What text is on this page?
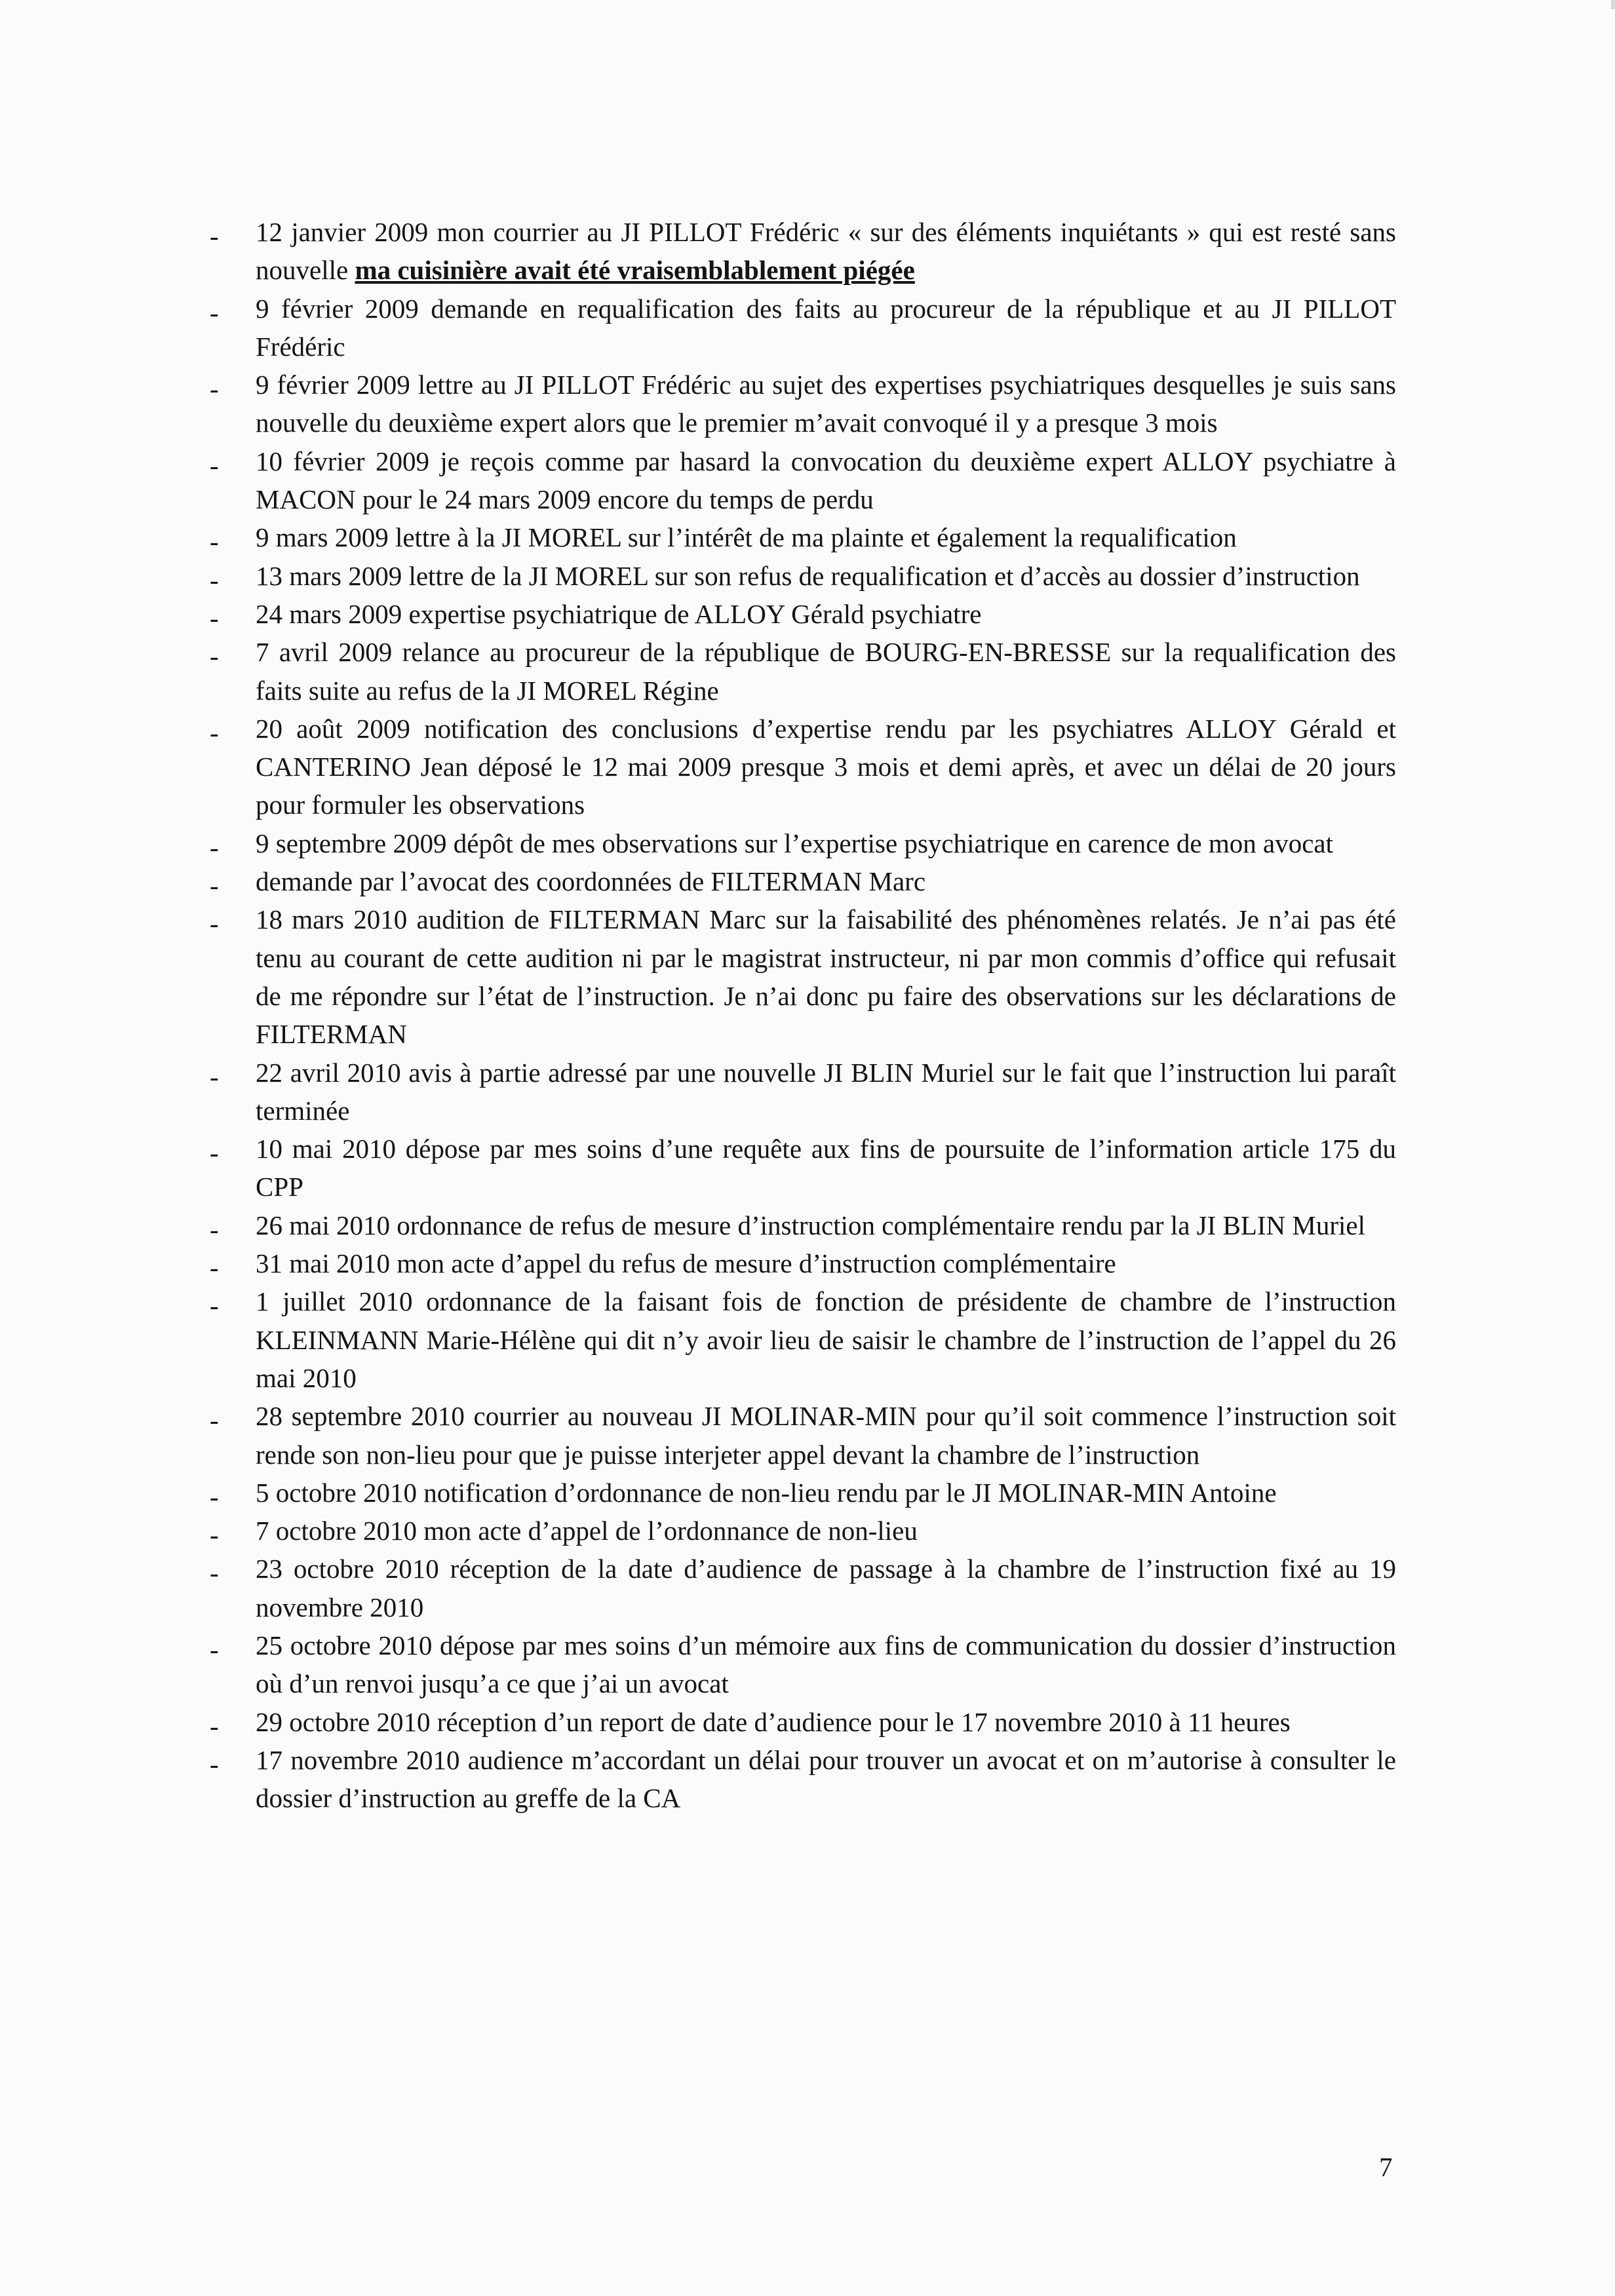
- 12 janvier 2009 mon courrier au JI PILLOT Frédéric « sur des éléments inquiétants » qui est resté sans nouvelle ma cuisinière avait été vraisemblablement piégée
- 9 février 2009 demande en requalification des faits au procureur de la république et au JI PILLOT Frédéric
- 9 février 2009 lettre au JI PILLOT Frédéric au sujet des expertises psychiatriques desquelles je suis sans nouvelle du deuxième expert alors que le premier m’avait convoqué il y a presque 3 mois
- 10 février 2009 je reçois comme par hasard la convocation du deuxième expert ALLOY psychiatre à MACON pour le 24 mars 2009 encore du temps de perdu
- 9 mars 2009 lettre à la JI MOREL sur l’intérêt de ma plainte et également la requalification
- 13 mars 2009 lettre de la JI MOREL sur son refus de requalification et d’accès au dossier d’instruction
- 24 mars 2009 expertise psychiatrique de ALLOY Gérald psychiatre
- 7 avril 2009 relance au procureur de la république de BOURG-EN-BRESSE sur la requalification des faits suite au refus de la JI MOREL Régine
- 20 août 2009 notification des conclusions d’expertise rendu par les psychiatres ALLOY Gérald et CANTERINO Jean déposé le 12 mai 2009 presque 3 mois et demi après, et avec un délai de 20 jours pour formuler les observations
- 9 septembre 2009 dépôt de mes observations sur l’expertise psychiatrique en carence de mon avocat
- demande par l’avocat des coordonnées de FILTERMAN Marc
- 18 mars 2010 audition de FILTERMAN Marc sur la faisabilité des phénomènes relatés. Je n’ai pas été tenu au courant de cette audition ni par le magistrat instructeur, ni par mon commis d’office qui refusait de me répondre sur l’état de l’instruction. Je n’ai donc pu faire des observations sur les déclarations de FILTERMAN
- 22 avril 2010 avis à partie adressé par une nouvelle JI BLIN Muriel sur le fait que l’instruction lui paraît terminée
- 10 mai 2010 dépose par mes soins d’une requête aux fins de poursuite de l’information article 175 du CPP
- 26 mai 2010 ordonnance de refus de mesure d’instruction complémentaire rendu par la JI BLIN Muriel
- 31 mai 2010 mon acte d’appel du refus de mesure d’instruction complémentaire
- 1 juillet 2010 ordonnance de la faisant fois de fonction de présidente de chambre de l’instruction KLEINMANN Marie-Hélène qui dit n’y avoir lieu de saisir le chambre de l’instruction de l’appel du 26 mai 2010
- 28 septembre 2010 courrier au nouveau JI MOLINAR-MIN pour qu’il soit commence l’instruction soit rende son non-lieu pour que je puisse interjeter appel devant la chambre de l’instruction
- 5 octobre 2010 notification d’ordonnance de non-lieu rendu par le JI MOLINAR-MIN Antoine
- 7 octobre 2010 mon acte d’appel de l’ordonnance de non-lieu
- 23 octobre 2010 réception de la date d’audience de passage à la chambre de l’instruction fixé au 19 novembre 2010
- 25 octobre 2010 dépose par mes soins d’un mémoire aux fins de communication du dossier d’instruction où d’un renvoi jusqu’a ce que j’ai un avocat
- 29 octobre 2010 réception d’un report de date d’audience pour le 17 novembre 2010 à 11 heures
- 17 novembre 2010 audience m’accordant un délai pour trouver un avocat et on m’autorise à consulter le dossier d’instruction au greffe de la CA
7
